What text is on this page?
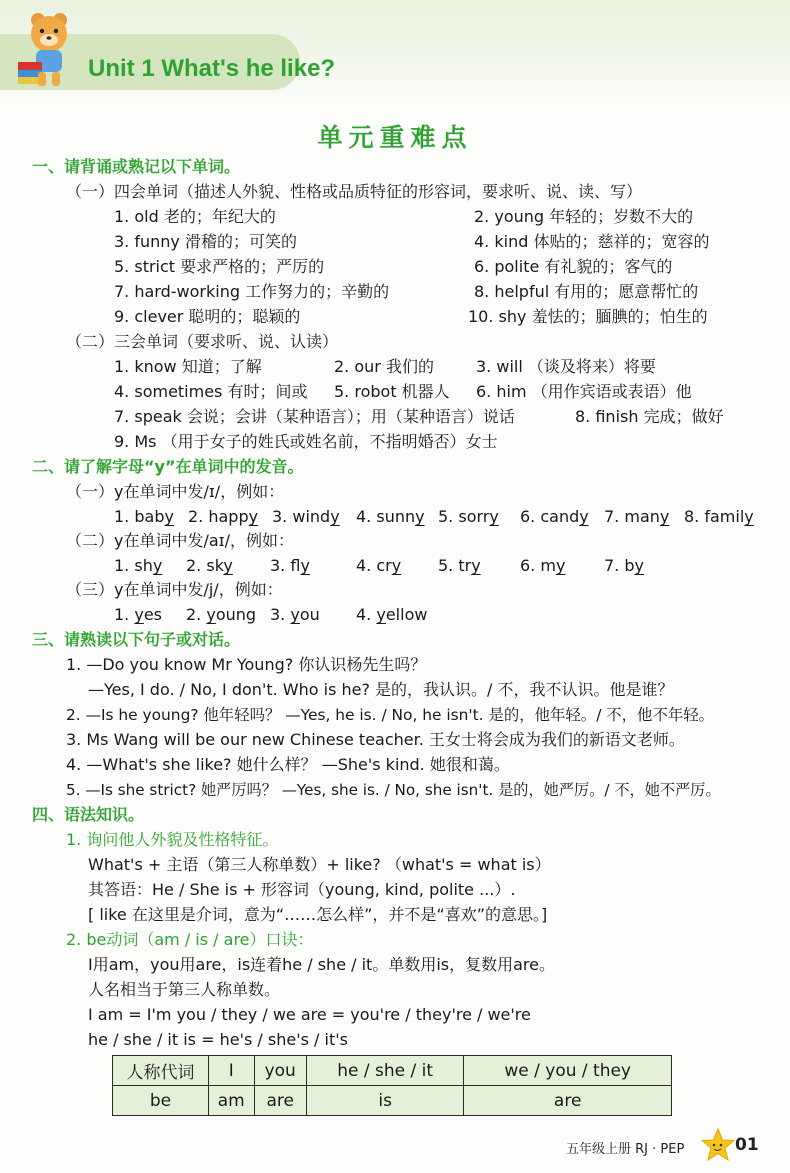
Unit 1 What's he like?
单元重难点
一、请背诵或熟记以下单词。
（一）四会单词（描述人外貌、性格或品质特征的形容词，要求听、说、读、写）
1. old 老的；年纪大的	2. young 年轻的；岁数不大的
3. funny 滑稽的；可笑的	4. kind 体贴的；慈祥的；宽容的
5. strict 要求严格的；严厉的	6. polite 有礼貌的；客气的
7. hard-working 工作努力的；辛勤的	8. helpful 有用的；愿意帮忙的
9. clever 聪明的；聪颖的	10. shy 羞怯的；腼腆的；怕生的
（二）三会单词（要求听、说、认读）
1. know 知道；了解	2. our 我们的	3. will （谈及将来）将要
4. sometimes 有时；间或 5. robot 机器人 6. him （用作宾语或表语）他
7. speak 会说；会讲（某种语言）；用（某种语言）说话	8. finish 完成；做好
9. Ms （用于女子的姓氏或姓名前，不指明婚否）女士
二、请了解字母“y”在单词中的发音。
（一）y在单词中发/ɪ/，例如：
1. baby 2. happy 3. windy 4. sunny 5. sorry 6. candy 7. many 8. family
（二）y在单词中发/aɪ/，例如：
1. shy 2. sky 3. fly	4. cry 5. try 6. my 7. by
（三）y在单词中发/j/，例如：
1. yes 2. young 3. you 4. yellow
三、请熟读以下句子或对话。
1. —Do you know Mr Young? 你认识杨先生吗？
—Yes, I do. / No, I don't. Who is he? 是的，我认识。/ 不，我不认识。他是谁？
2. —Is he young? 他年轻吗？ —Yes, he is. / No, he isn't. 是的，他年轻。/ 不，他不年轻。
3. Ms Wang will be our new Chinese teacher. 王女士将会成为我们的新语文老师。
4. —What's she like? 她什么样？ —She's kind. 她很和蔼。
5. —Is she strict? 她严厉吗？ —Yes, she is. / No, she isn't. 是的，她严厉。/ 不，她不严厉。
四、语法知识。
1. 询问他人外貌及性格特征。
What's + 主语（第三人称单数）+ like? （what's = what is）
其答语：He / She is + 形容词（young, kind, polite ...）.
[ like 在这里是介词，意为“……怎么样”，并不是“喜欢”的意思。]
2. be动词（am / is / are）口诀：
I用am，you用are，is连着he / she / it。单数用is，复数用are。
人名相当于第三人称单数。
I am = I'm you / they / we are = you're / they're / we're
he / she / it is = he's / she's / it's
人称代词	I	you	he / she / it	we / you / they
be	am	are	is	are
五年级上册 RJ · PEP	01
